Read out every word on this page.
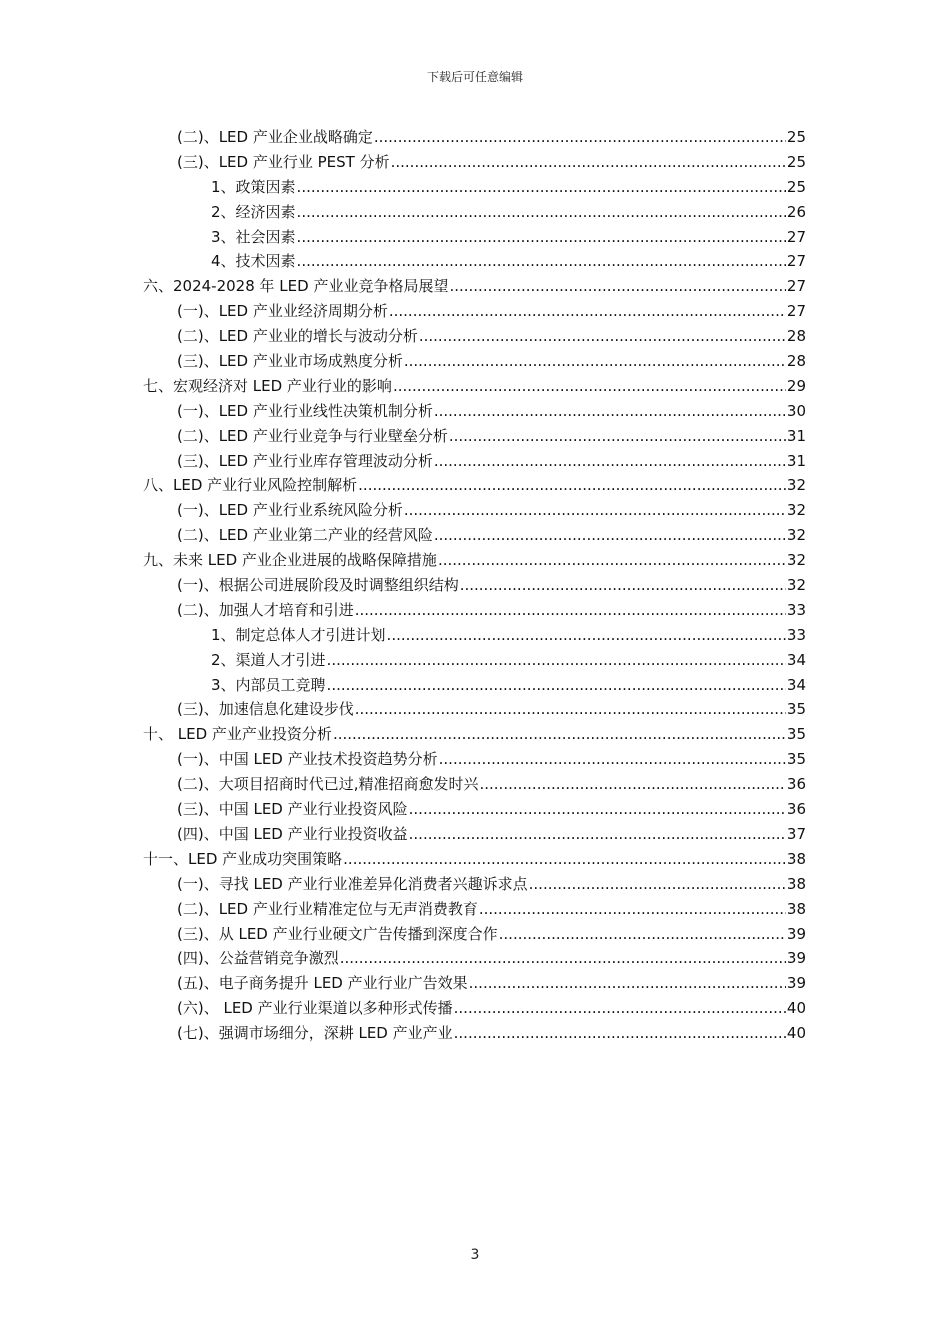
下载后可任意编辑
(二)、LED 产业企业战略确定 .....	25
(三)、LED 产业行业 PEST 分析 .....	25
1、政策因素 .....	25
2、经济因素 .....	26
3、社会因素 .....	27
4、技术因素 .....	27
六、2024-2028 年 LED 产业业竞争格局展望 .....	27
(一)、LED 产业业经济周期分析 .....	27
(二)、LED 产业业的增长与波动分析 .....	28
(三)、LED 产业业市场成熟度分析 .....	28
七、宏观经济对 LED 产业行业的影响 .....	29
(一)、LED 产业行业线性决策机制分析 .....	30
(二)、LED 产业行业竞争与行业壁垒分析 .....	31
(三)、LED 产业行业库存管理波动分析 .....	31
八、LED 产业行业风险控制解析 .....	32
(一)、LED 产业行业系统风险分析 .....	32
(二)、LED 产业业第二产业的经营风险 .....	32
九、未来 LED 产业企业进展的战略保障措施 .....	32
(一)、根据公司进展阶段及时调整组织结构 .....	32
(二)、加强人才培育和引进 .....	33
1、制定总体人才引进计划 .....	33
2、渠道人才引进 .....	34
3、内部员工竞聘 .....	34
(三)、加速信息化建设步伐 .....	35
十、 LED 产业产业投资分析 .....	35
(一)、中国 LED 产业技术投资趋势分析 .....	35
(二)、大项目招商时代已过,精准招商愈发时兴 .....	36
(三)、中国 LED 产业行业投资风险 .....	36
(四)、中国 LED 产业行业投资收益 .....	37
十一、LED 产业成功突围策略 .....	38
(一)、寻找 LED 产业行业准差异化消费者兴趣诉求点 .....	38
(二)、LED 产业行业精准定位与无声消费教育 .....	38
(三)、从 LED 产业行业硬文广告传播到深度合作 .....	39
(四)、公益营销竞争激烈 .....	39
(五)、电子商务提升 LED 产业行业广告效果 .....	39
(六)、 LED 产业行业渠道以多种形式传播 .....	40
(七)、强调市场细分，深耕 LED 产业产业 .....	40
3
